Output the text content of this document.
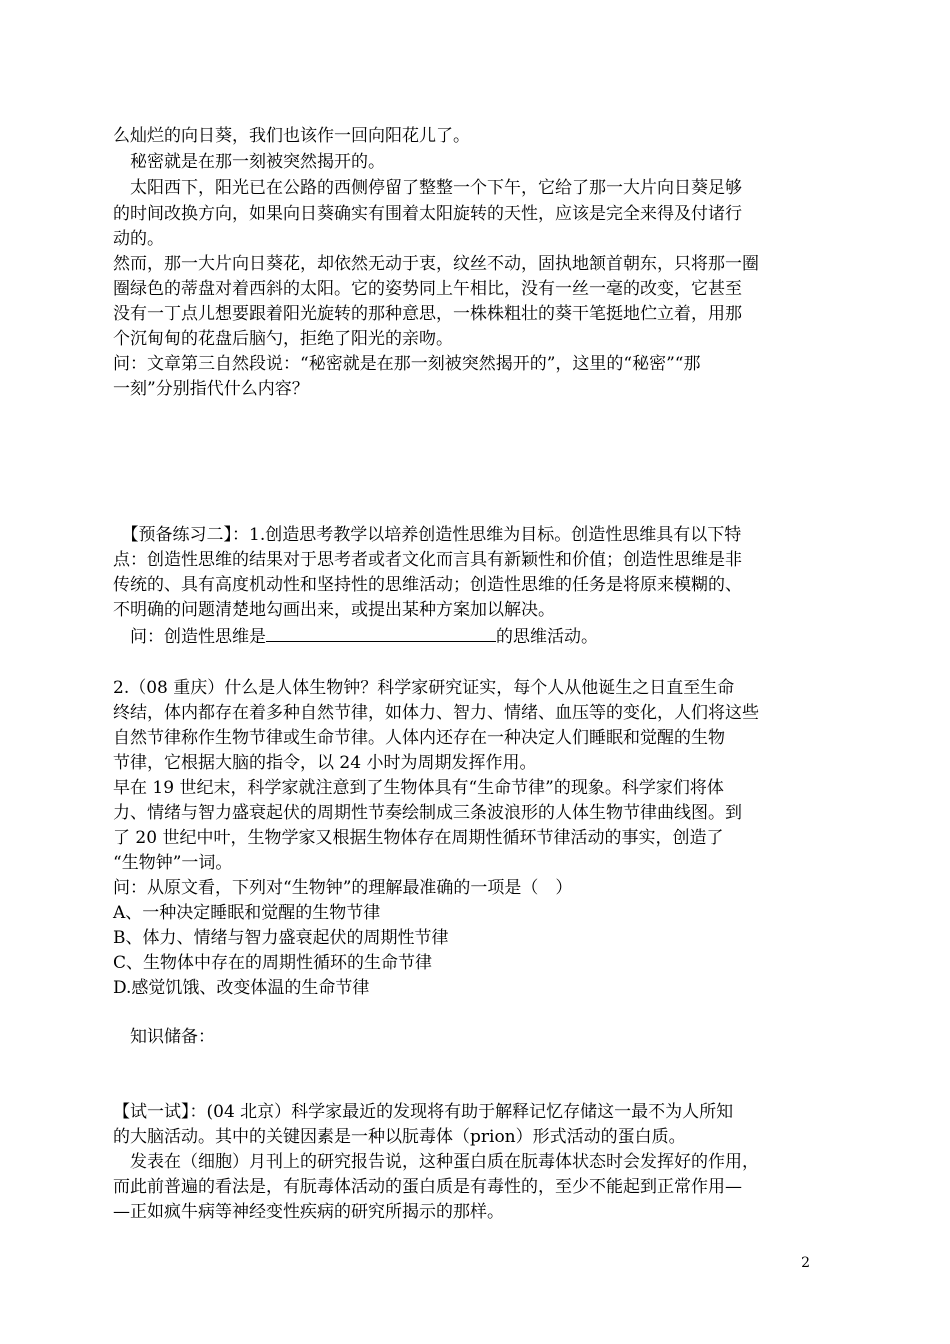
么灿烂的向日葵，我们也该作一回向阳花儿了。
　秘密就是在那一刻被突然揭开的。
　太阳西下，阳光已在公路的西侧停留了整整一个下午，它给了那一大片向日葵足够
的时间改换方向，如果向日葵确实有围着太阳旋转的天性，应该是完全来得及付诸行
动的。
然而，那一大片向日葵花，却依然无动于衷，纹丝不动，固执地颔首朝东，只将那一圈
圈绿色的蒂盘对着西斜的太阳。它的姿势同上午相比，没有一丝一毫的改变，它甚至
没有一丁点儿想要跟着阳光旋转的那种意思，一株株粗壮的葵干笔挺地伫立着，用那
个沉甸甸的花盘后脑勺，拒绝了阳光的亲吻。
问：文章第三自然段说：“秘密就是在那一刻被突然揭开的”，这里的“秘密”“那
一刻”分别指代什么内容？
　【预备练习二】：1.创造思考教学以培养创造性思维为目标。创造性思维具有以下特
点：创造性思维的结果对于思考者或者文化而言具有新颖性和价值；创造性思维是非
传统的、具有高度机动性和坚持性的思维活动；创造性思维的任务是将原来模糊的、
不明确的问题清楚地勾画出来，或提出某种方案加以解决。
　问：创造性思维是	的思维活动。
2.（08 重庆）什么是人体生物钟？科学家研究证实，每个人从他诞生之日直至生命
终结，体内都存在着多种自然节律，如体力、智力、情绪、血压等的变化，人们将这些
自然节律称作生物节律或生命节律。人体内还存在一种决定人们睡眠和觉醒的生物
节律，它根据大脑的指令，以 24 小时为周期发挥作用。
早在 19 世纪末，科学家就注意到了生物体具有“生命节律”的现象。科学家们将体
力、情绪与智力盛衰起伏的周期性节奏绘制成三条波浪形的人体生物节律曲线图。到
了 20 世纪中叶，生物学家又根据生物体存在周期性循环节律活动的事实，创造了
“生物钟”一词。
问：从原文看，下列对“生物钟”的理解最准确的一项是（　）
A、一种决定睡眠和觉醒的生物节律
B、体力、情绪与智力盛衰起伏的周期性节律
C、生物体中存在的周期性循环的生命节律
D.感觉饥饿、改变体温的生命节律
　知识储备：
【试一试】：(04 北京）科学家最近的发现将有助于解释记忆存储这一最不为人所知
的大脑活动。其中的关键因素是一种以朊毒体（prion）形式活动的蛋白质。
　发表在（细胞）月刊上的研究报告说，这种蛋白质在朊毒体状态时会发挥好的作用，
而此前普遍的看法是，有朊毒体活动的蛋白质是有毒性的，至少不能起到正常作用—
—正如疯牛病等神经变性疾病的研究所揭示的那样。
2
